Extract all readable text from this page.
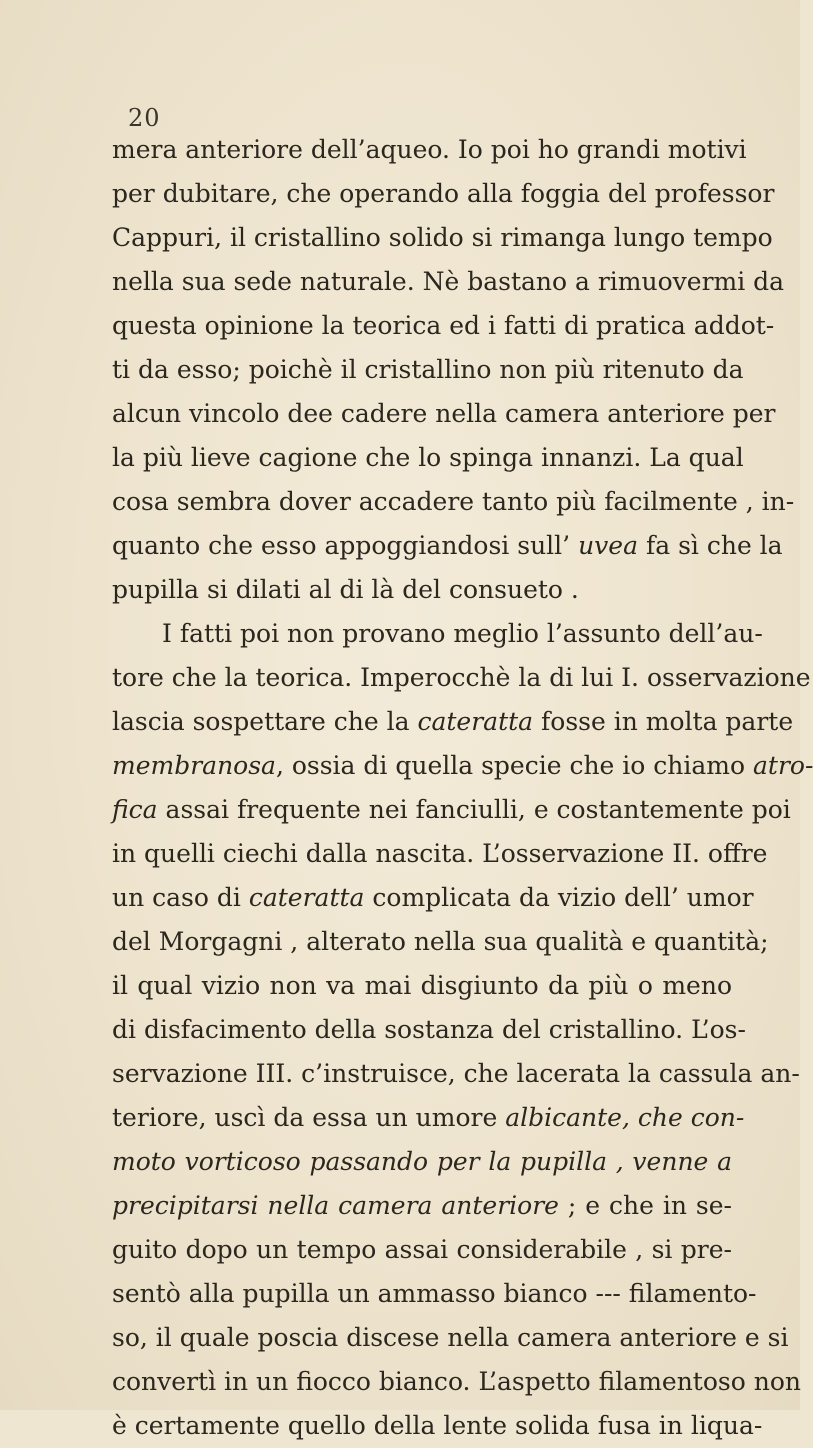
20
mera anteriore dell’aqueo. Io poi ho grandi motivi
per dubitare, che operando alla foggia del professor
Cappuri, il cristallino solido si rimanga lungo tempo
nella sua sede naturale. Nè bastano a rimuovermi da
questa opinione la teorica ed i fatti di pratica addot-
ti da esso; poichè il cristallino non più ritenuto da
alcun vincolo dee cadere nella camera anteriore per
la più lieve cagione che lo spinga innanzi. La qual
cosa sembra dover accadere tanto più facilmente , in-
quanto che esso appoggiandosi sull’ uvea fa sì che la
pupilla si dilati al di là del consueto .
I fatti poi non provano meglio l’assunto dell’au-
tore che la teorica. Imperocchè la di lui I. osservazione
lascia sospettare che la cateratta fosse in molta parte
membranosa, ossia di quella specie che io chiamo atro-
fica assai frequente nei fanciulli, e costantemente poi
in quelli ciechi dalla nascita. L’osservazione II. offre
un caso di cateratta complicata da vizio dell’ umor
del Morgagni , alterato nella sua qualità e quantità;
il qual vizio non va mai disgiunto da più o meno
di disfacimento della sostanza del cristallino. L’os-
servazione III. c’instruisce, che lacerata la cassula an-
teriore, uscì da essa un umore albicante, che con-
moto vorticoso passando per la pupilla , venne a
precipitarsi nella camera anteriore ; e che in se-
guito dopo un tempo assai considerabile , si pre-
sentò alla pupilla un ammasso bianco --- filamento-
so, il quale poscia discese nella camera anteriore e si
convertì in un fiocco bianco. L’aspetto filamentoso non
è certamente quello della lente solida fusa in liqua-
